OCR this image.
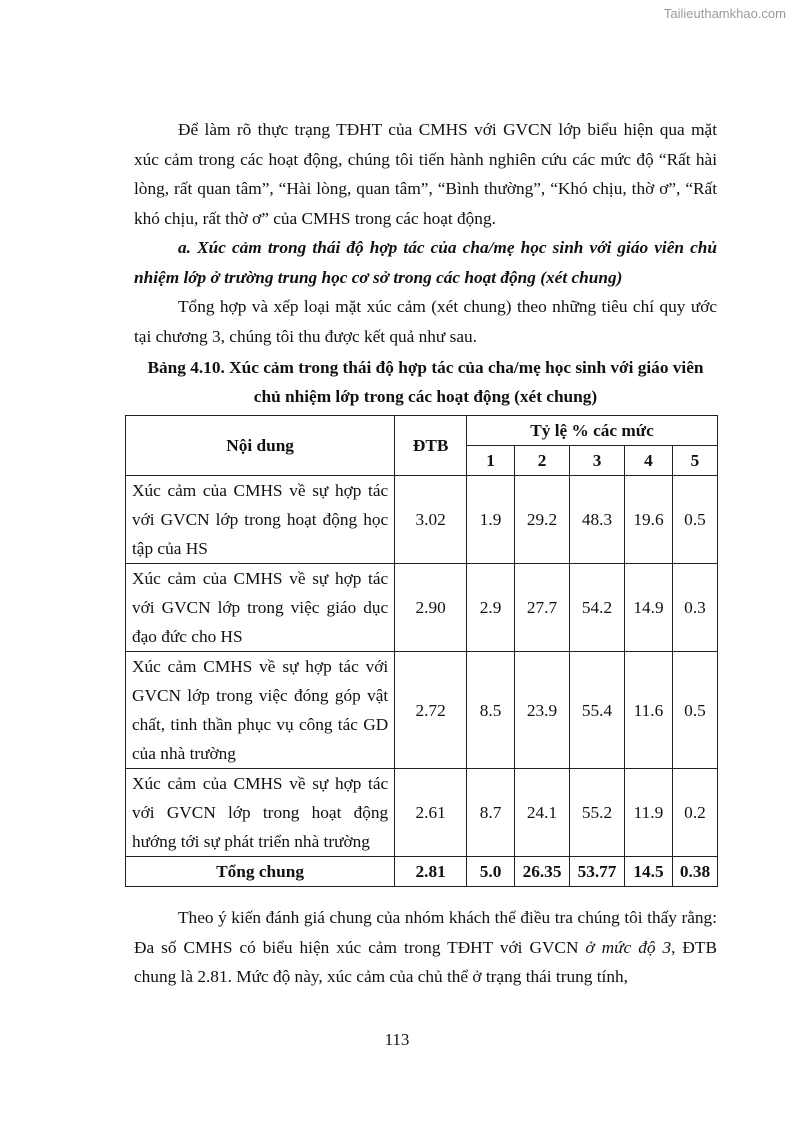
Tailieuthamkhao.com

Để làm rõ thực trạng TĐHT của CMHS với GVCN lớp biểu hiện qua mặt xúc cảm trong các hoạt động, chúng tôi tiến hành nghiên cứu các mức độ “Rất hài lòng, rất quan tâm”, “Hài lòng, quan tâm”, “Bình thường”, “Khó chịu, thờ ơ”, “Rất khó chịu, rất thờ ơ” của CMHS trong các hoạt động.

a. Xúc cảm trong thái độ hợp tác của cha/mẹ học sinh với giáo viên chủ nhiệm lớp ở trường trung học cơ sở trong các hoạt động (xét chung)

Tổng hợp và xếp loại mặt xúc cảm (xét chung) theo những tiêu chí quy ước tại chương 3, chúng tôi thu được kết quả như sau.

Bảng 4.10. Xúc cảm trong thái độ hợp tác của cha/mẹ học sinh với giáo viên chủ nhiệm lớp trong các hoạt động (xét chung)

Nội dung	ĐTB	Tỷ lệ % các mức				
		1	2	3	4	5
Xúc cảm của CMHS về sự hợp tác với GVCN lớp trong hoạt động học tập của HS	3.02	1.9	29.2	48.3	19.6	0.5
Xúc cảm của CMHS về sự hợp tác với GVCN lớp trong việc giáo dục đạo đức cho HS	2.90	2.9	27.7	54.2	14.9	0.3
Xúc cảm CMHS về sự hợp tác với GVCN lớp trong việc đóng góp vật chất, tinh thần phục vụ công tác GD của nhà trường	2.72	8.5	23.9	55.4	11.6	0.5
Xúc cảm của CMHS về sự hợp tác với GVCN lớp trong hoạt động hướng tới sự phát triển nhà trường	2.61	8.7	24.1	55.2	11.9	0.2
Tổng chung	2.81	5.0	26.35	53.77	14.5	0.38

Theo ý kiến đánh giá chung của nhóm khách thể điều tra chúng tôi thấy rằng: Đa số CMHS có biểu hiện xúc cảm trong TĐHT với GVCN ở mức độ 3, ĐTB chung là 2.81. Mức độ này, xúc cảm của chủ thể ở trạng thái trung tính,

113
